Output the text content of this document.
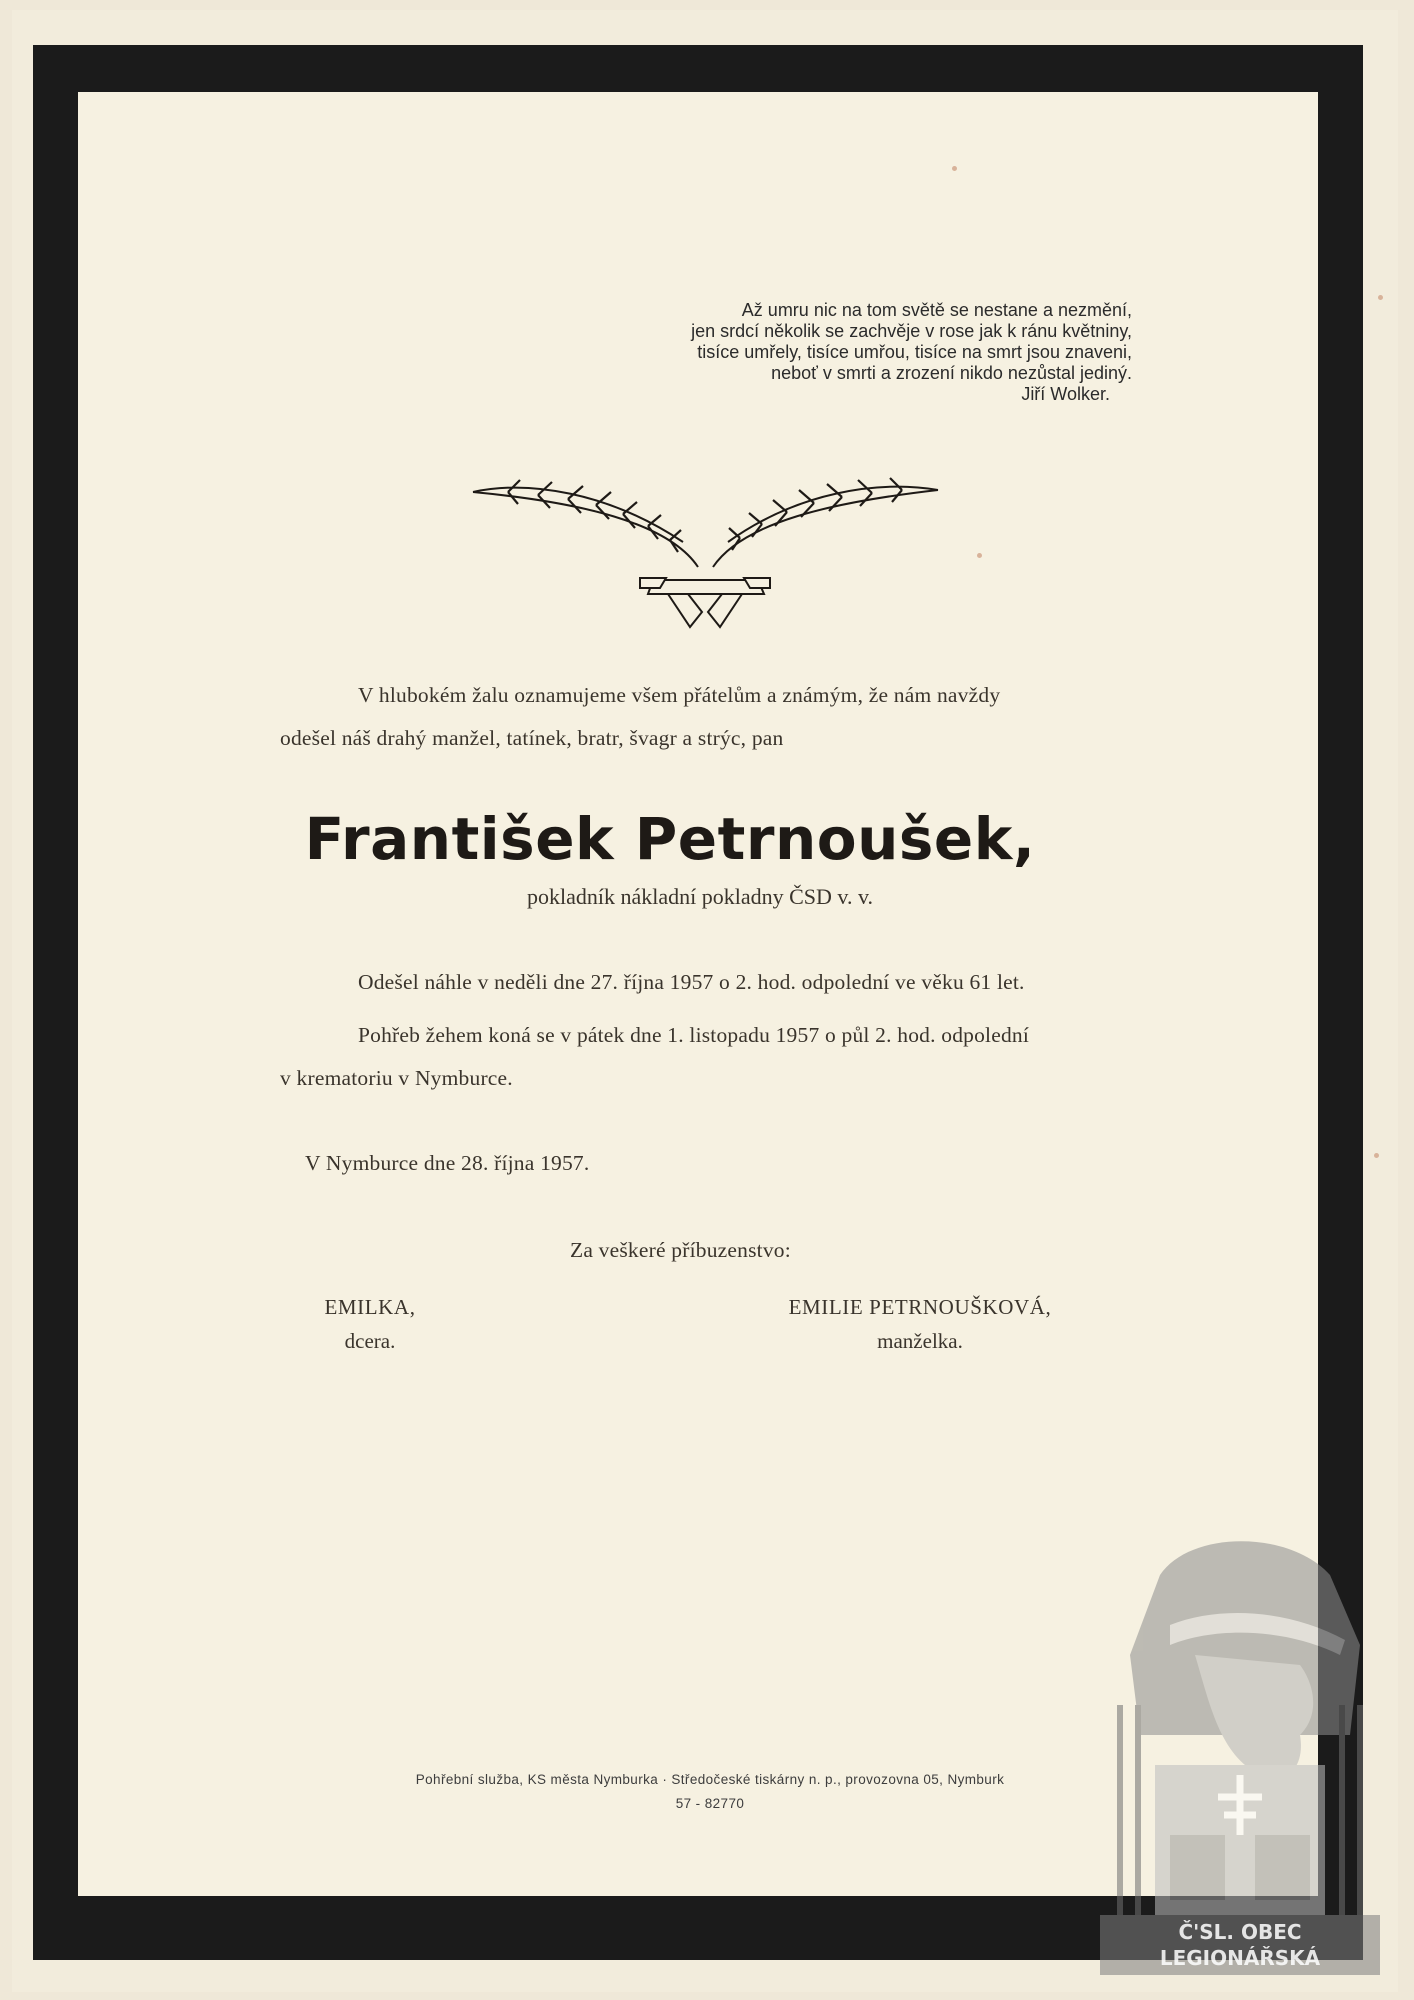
Až umru nic na tom světě se nestane a nezmění,
jen srdcí několik se zachvěje v rose jak k ránu květniny,
tisíce umřely, tisíce umřou, tisíce na smrt jsou znaveni,
neboť v smrti a zrození nikdo nezůstal jediný.
Jiří Wolker.
V hlubokém žalu oznamujeme všem přátelům a známým, že nám navždy
odešel náš drahý manžel, tatínek, bratr, švagr a strýc, pan
František Petrnoušek,
pokladník nákladní pokladny ČSD v. v.
Odešel náhle v neděli dne 27. října 1957 o 2. hod. odpolední ve věku 61 let.
Pohřeb žehem koná se v pátek dne 1. listopadu 1957 o půl 2. hod. odpolední
v krematoriu v Nymburce.
V Nymburce dne 28. října 1957.
Za veškeré příbuzenstvo:
EMILKA,
dcera.
EMILIE PETRNOUŠKOVÁ,
manželka.
Pohřební služba, KS města Nymburka · Středočeské tiskárny n. p., provozovna 05, Nymburk
57 - 82770
Č'SL. OBEC
LEGIONÁŘSKÁ
